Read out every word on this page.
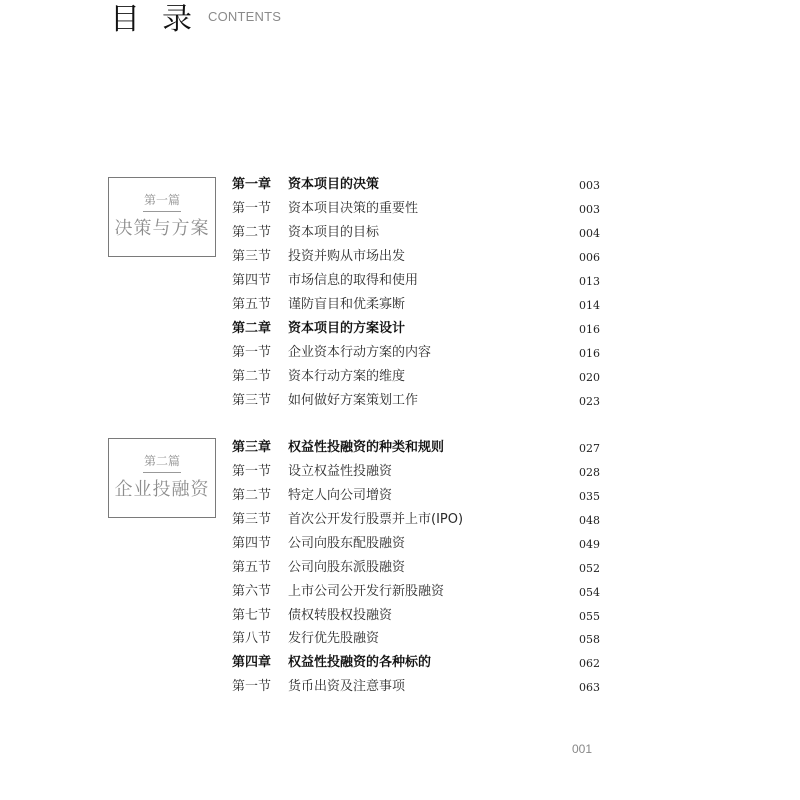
目录
CONTENTS
第一篇
决策与方案
第二篇
企业投融资
第一章 资本项目的决策	003
第一节 资本项目决策的重要性	003
第二节 资本项目的目标	004
第三节 投资并购从市场出发	006
第四节 市场信息的取得和使用	013
第五节 谨防盲目和优柔寡断	014
第二章 资本项目的方案设计	016
第一节 企业资本行动方案的内容	016
第二节 资本行动方案的维度	020
第三节 如何做好方案策划工作	023
第三章 权益性投融资的种类和规则	027
第一节 设立权益性投融资	028
第二节 特定人向公司增资	035
第三节 首次公开发行股票并上市(IPO)	048
第四节 公司向股东配股融资	049
第五节 公司向股东派股融资	052
第六节 上市公司公开发行新股融资	054
第七节 债权转股权投融资	055
第八节 发行优先股融资	058
第四章 权益性投融资的各种标的	062
第一节 货币出资及注意事项	063
001
